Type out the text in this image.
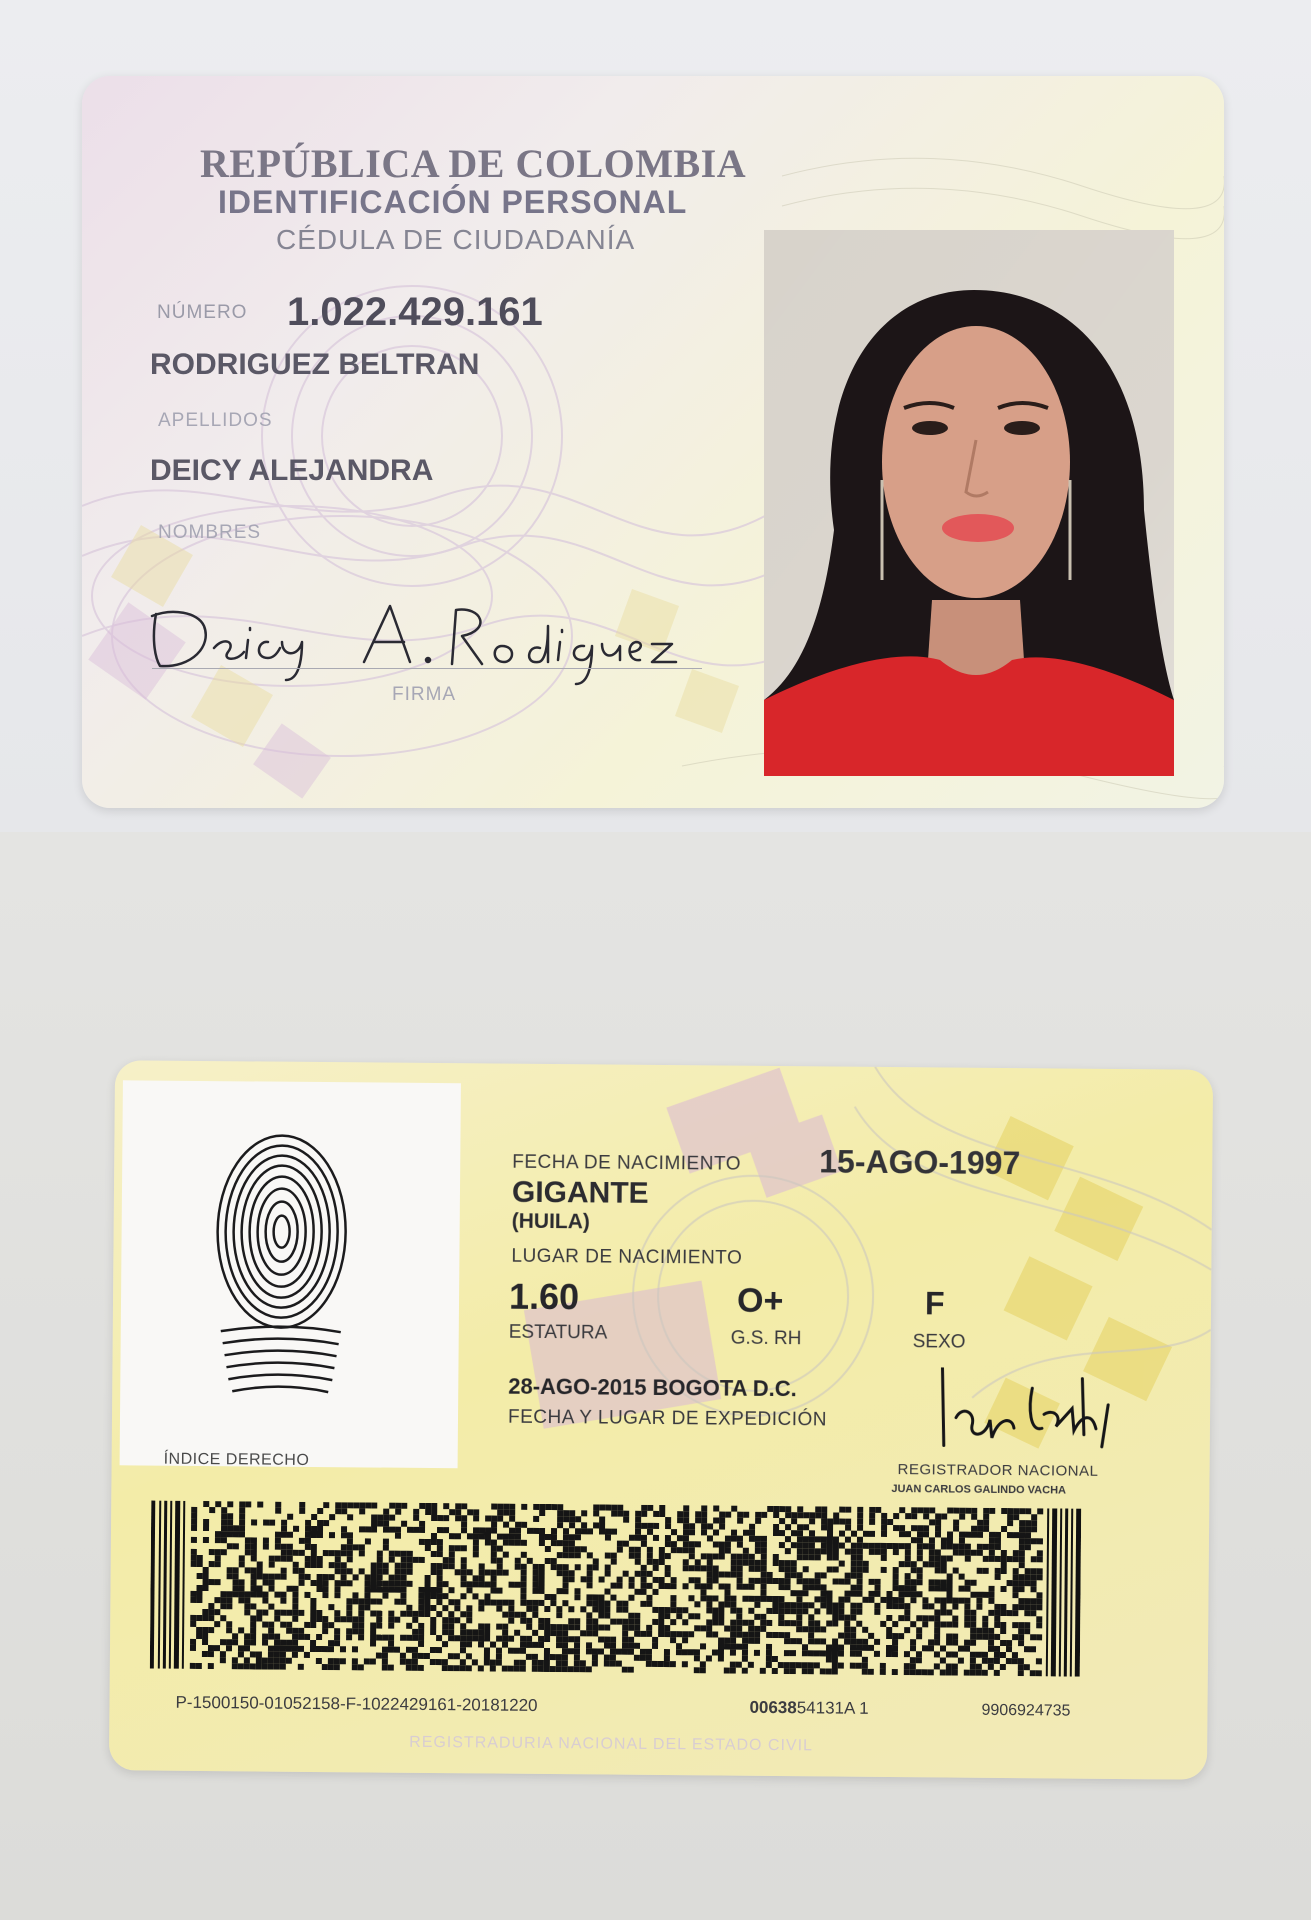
REPÚBLICA DE COLOMBIA

IDENTIFICACIÓN PERSONAL

CÉDULA DE CIUDADANÍA

NÚMERO 1.022.429.161

RODRIGUEZ BELTRAN

APELLIDOS

DEICY ALEJANDRA

NOMBRES

FIRMA

ÍNDICE DERECHO

FECHA DE NACIMIENTO 15-AGO-1997

GIGANTE

(HUILA)

LUGAR DE NACIMIENTO

1.60

ESTATURA

O+

G.S. RH

F

SEXO

28-AGO-2015 BOGOTA D.C.

FECHA Y LUGAR DE EXPEDICIÓN

REGISTRADOR NACIONAL

JUAN CARLOS GALINDO VACHA

P-1500150-01052158-F-1022429161-20181220	0063854131A 1	9906924735

REGISTRADURIA NACIONAL DEL ESTADO CIVIL
